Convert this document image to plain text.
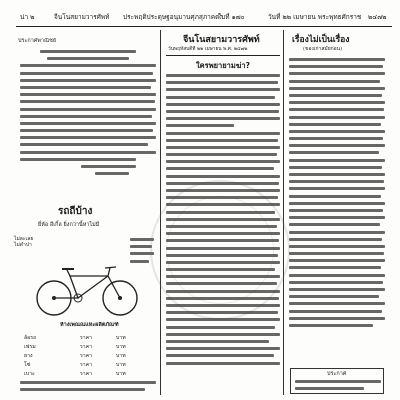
น่า ๒	จีนโนสยามวารศัพท์ ประพฤติประดุษฐอนุมานศุภสุภาคดา
ใบที่ ๑๗๐	วันที่ ๒๒ เมษายน พระพุทธศักราช ๒๔๗๒
ประกาศพาณิชย์
รถถีบ้าง
ยี่ห้อ อีเกิ้ล ยิ่งกว่านี้หาไม่มี
ไม่ละเลย ไม่ดำปา
ห้างเพณณแหะผลิตภัณฑ์
ล้อรถ	ราคา	บาท
เฟรม	ราคา	บาท
ยาง	ราคา	บาท
โซ่	ราคา	บาท
เบาะ	ราคา	บาท
จีนโนสยามวารศัพท์
วันพฤหัสบดีที่ ๒๒ เมษายน พ.ศ. ๒๔๗๒
ใครพยายามฆ่า?
เรื่องไม่เป็นเรื่อง
(ของเก่าสมัยก่อน)
ประกาศ
